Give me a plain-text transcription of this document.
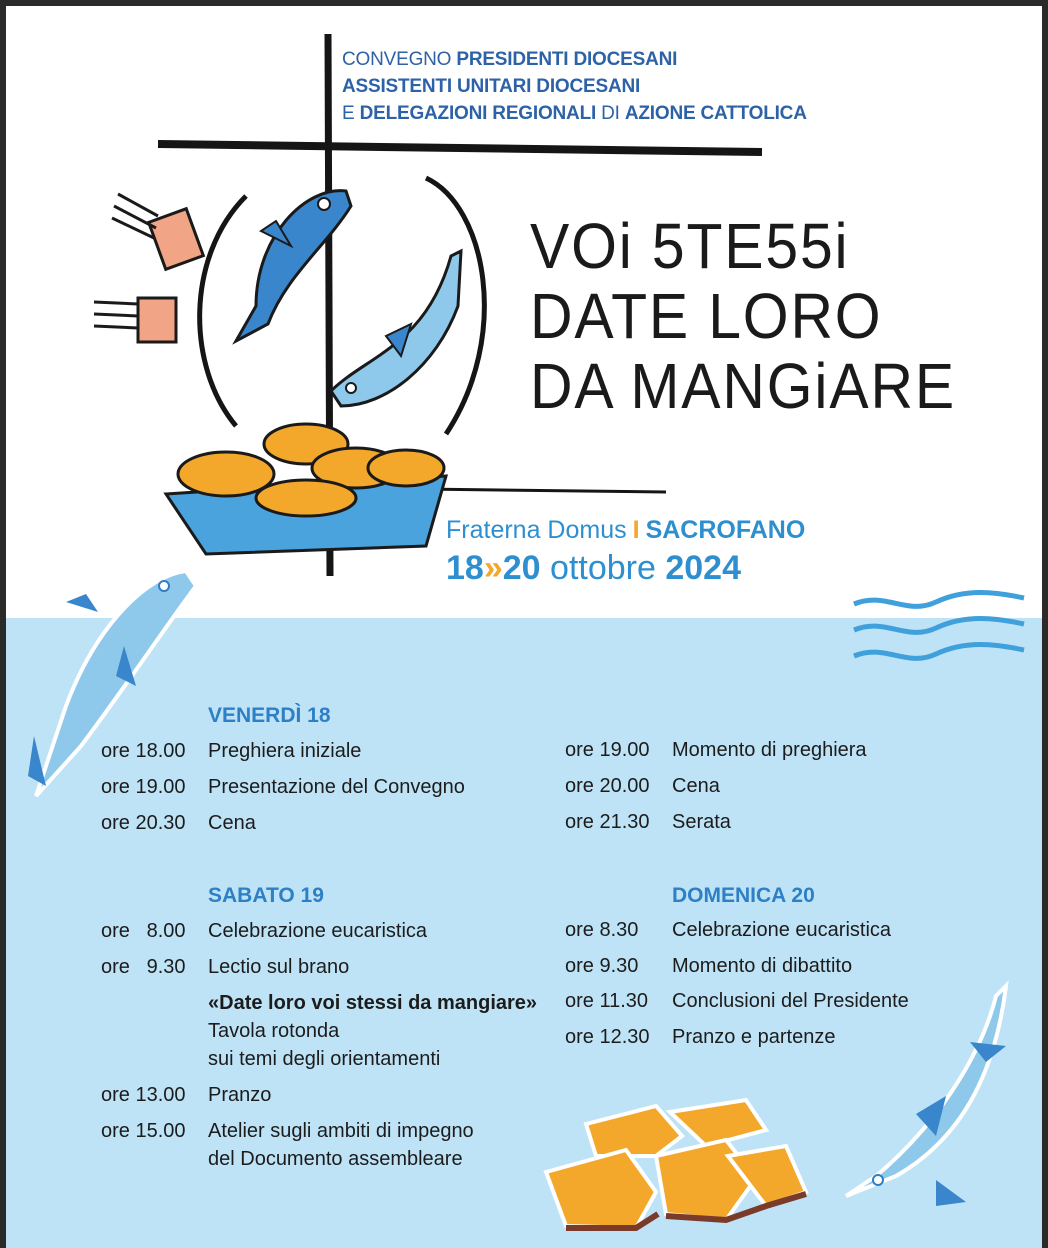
CONVEGNO PRESIDENTI DIOCESANI
ASSISTENTI UNITARI DIOCESANI
E DELEGAZIONI REGIONALI DI AZIONE CATTOLICA
VOi 5TE55i
DATE LORO
DA MANGiARE
Fraterna Domus I SACROFANO
18»20 ottobre 2024
VENERDÌ 18
ore 18.00	Preghiera iniziale
ore 19.00	Presentazione del Convegno
ore 20.30	Cena
ore 19.00	Momento di preghiera
ore 20.00	Cena
ore 21.30	Serata
SABATO 19
ore   8.00	Celebrazione eucaristica
ore   9.30	Lectio sul brano
«Date loro voi stessi da mangiare»
Tavola rotonda
sui temi degli orientamenti
ore 13.00	Pranzo
ore 15.00	Atelier sugli ambiti di impegno
del Documento assembleare
DOMENICA 20
ore 8.30	Celebrazione eucaristica
ore 9.30	Momento di dibattito
ore 11.30	Conclusioni del Presidente
ore 12.30	Pranzo e partenze
